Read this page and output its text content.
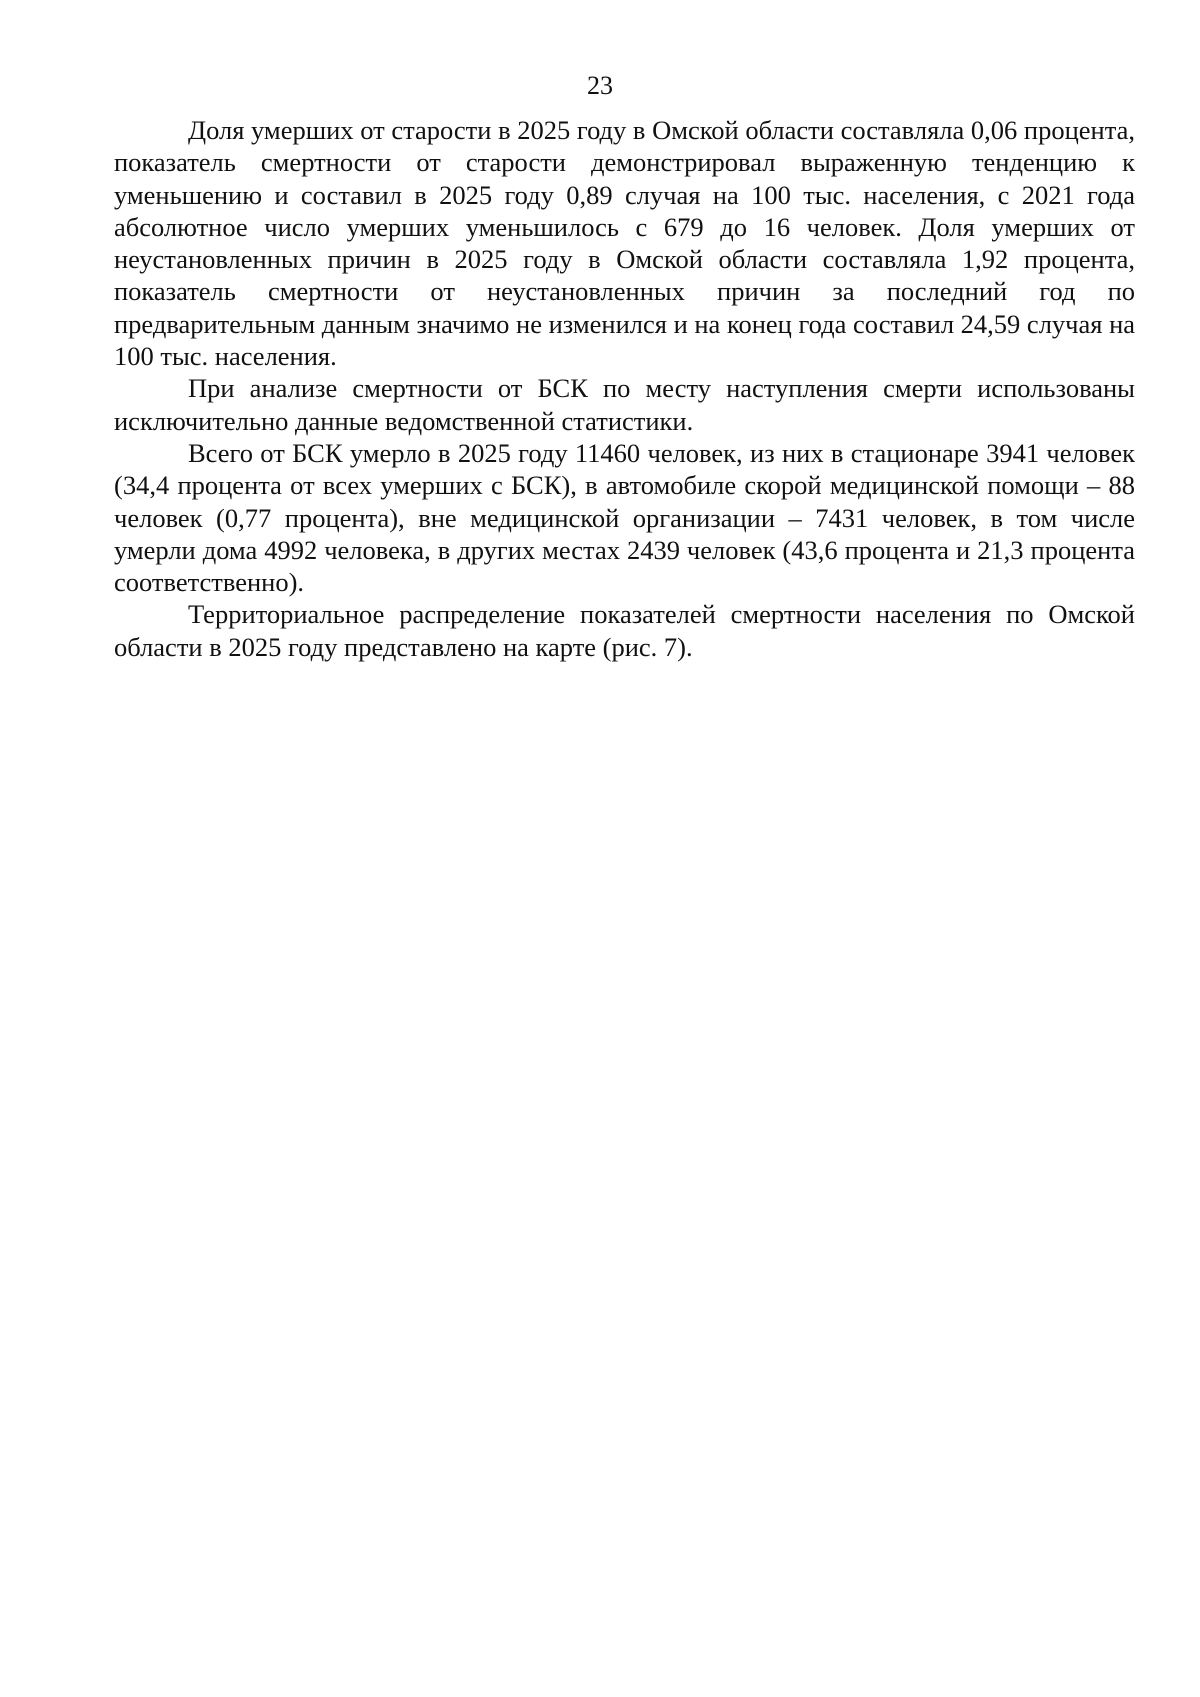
23

Доля умерших от старости в 2025 году в Омской области составляла 0,06 процента, показатель смертности от старости демонстрировал выраженную тенденцию к уменьшению и составил в 2025 году 0,89 случая на 100 тыс. населения, с 2021 года абсолютное число умерших уменьшилось с 679 до 16 человек. Доля умерших от неустановленных причин в 2025 году в Омской области составляла 1,92 процента, показатель смертности от неустановленных причин за последний год по предварительным данным значимо не изменился и на конец года составил 24,59 случая на 100 тыс. населения.

При анализе смертности от БСК по месту наступления смерти использованы исключительно данные ведомственной статистики.

Всего от БСК умерло в 2025 году 11460 человек, из них в стационаре 3941 человек (34,4 процента от всех умерших с БСК), в автомобиле скорой медицинской помощи – 88 человек (0,77 процента), вне медицинской организации – 7431 человек, в том числе умерли дома 4992 человека, в других местах 2439 человек (43,6 процента и 21,3 процента соответственно).

Территориальное распределение показателей смертности населения по Омской области в 2025 году представлено на карте (рис. 7).
